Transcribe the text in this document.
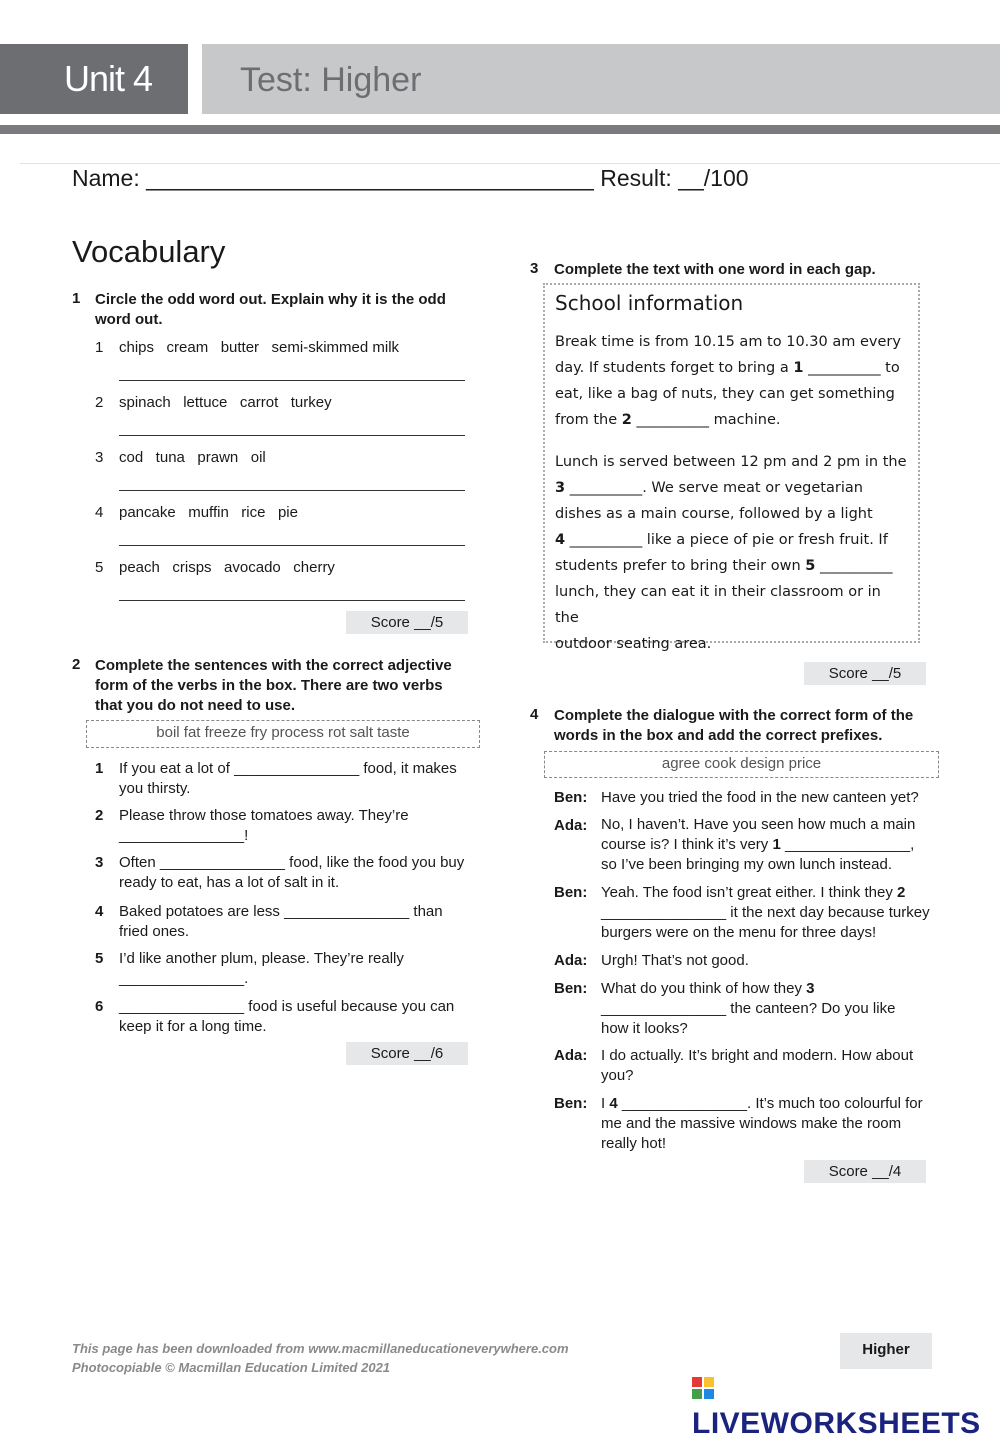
Unit 4	Test: Higher
Name: ___________________________________ Result: __/100
Vocabulary
1 Circle the odd word out. Explain why it is the odd word out.
1 chips   cream   butter   semi-skimmed milk
2 spinach   lettuce   carrot   turkey
3 cod   tuna   prawn   oil
4 pancake   muffin   rice   pie
5 peach   crisps   avocado   cherry
Score __/5
2 Complete the sentences with the correct adjective form of the verbs in the box. There are two verbs that you do not need to use.
boil fat freeze fry process rot salt taste
1 If you eat a lot of _______________ food, it makes you thirsty.
2 Please throw those tomatoes away. They’re _______________!
3 Often _______________ food, like the food you buy ready to eat, has a lot of salt in it.
4 Baked potatoes are less _______________ than fried ones.
5 I’d like another plum, please. They’re really _______________.
6 _______________ food is useful because you can keep it for a long time.
Score __/6
3 Complete the text with one word in each gap.
School information

Break time is from 10.15 am to 10.30 am every
day. If students forget to bring a 1 __________ to
eat, like a bag of nuts, they can get something
from the 2 __________ machine.

Lunch is served between 12 pm and 2 pm in the
3 __________. We serve meat or vegetarian
dishes as a main course, followed by a light
4 __________ like a piece of pie or fresh fruit. If
students prefer to bring their own 5 __________
lunch, they can eat it in their classroom or in the
outdoor seating area.

Score __/5
4 Complete the dialogue with the correct form of the words in the box and add the correct prefixes.
agree cook design price
Ben: Have you tried the food in the new canteen yet?
Ada: No, I haven’t. Have you seen how much a main course is? I think it’s very 1 _______________, so I’ve been bringing my own lunch instead.
Ben: Yeah. The food isn’t great either. I think they 2 _______________ it the next day because turkey burgers were on the menu for three days!
Ada: Urgh! That’s not good.
Ben: What do you think of how they 3 _______________ the canteen? Do you like how it looks?
Ada: I do actually. It’s bright and modern. How about you?
Ben: I 4 _______________. It’s much too colourful for me and the massive windows make the room really hot!
Score __/4
This page has been downloaded from www.macmillaneducationeverywhere.com
Photocopiable © Macmillan Education Limited 2021
Higher
LIVEWORKSHEETS
